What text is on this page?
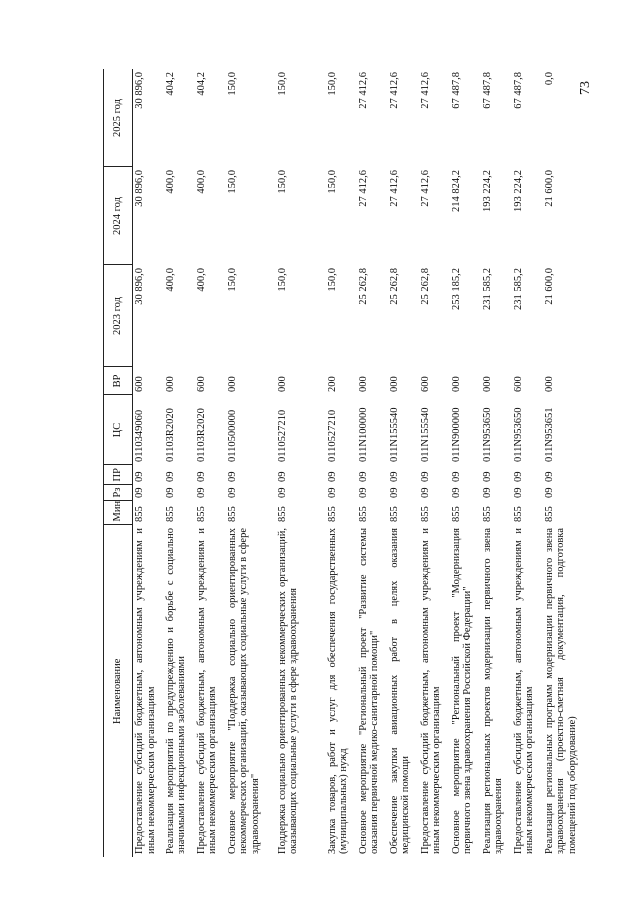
73
Наименование	Мин	Рз	ПР	ЦС	ВР	2023 год	2024 год	2025 год
Предоставление субсидий бюджетным, автономным учреждениям и иным некоммерческим организациям	855	09	09	0110349060	600	30 896,0	30 896,0	30 896,0
Реализация мероприятий по предупреждению и борьбе с социально значимыми инфекционными заболеваниями	855	09	09	01103R2020	000	400,0	400,0	404,2
Предоставление субсидий бюджетным, автономным учреждениям и иным некоммерческим организациям	855	09	09	01103R2020	600	400,0	400,0	404,2
Основное мероприятие "Поддержка социально ориентированных некоммерческих организаций, оказывающих социальные услуги в сфере здравоохранения"	855	09	09	0110500000	000	150,0	150,0	150,0
Поддержка социально ориентированных некоммерческих организаций, оказывающих социальные услуги в сфере здравоохранения	855	09	09	0110527210	000	150,0	150,0	150,0
Закупка товаров, работ и услуг для обеспечения государственных (муниципальных) нужд	855	09	09	0110527210	200	150,0	150,0	150,0
Основное мероприятие "Региональный проект "Развитие системы оказания первичной медико-санитарной помощи"	855	09	09	011N100000	000	25 262,8	27 412,6	27 412,6
Обеспечение закупки авиационных работ в целях оказания медицинской помощи	855	09	09	011N155540	000	25 262,8	27 412,6	27 412,6
Предоставление субсидий бюджетным, автономным учреждениям и иным некоммерческим организациям	855	09	09	011N155540	600	25 262,8	27 412,6	27 412,6
Основное мероприятие "Региональный проект "Модернизация первичного звена здравоохранения Российской Федерации"	855	09	09	011N900000	000	253 185,2	214 824,2	67 487,8
Реализация региональных проектов модернизации первичного звена здравоохранения	855	09	09	011N953650	000	231 585,2	193 224,2	67 487,8
Предоставление субсидий бюджетным, автономным учреждениям и иным некоммерческим организациям	855	09	09	011N953650	600	231 585,2	193 224,2	67 487,8
Реализация региональных программ модернизации первичного звена здравоохранения (проектно-сметная документация, подготовка помещений под оборудование)	855	09	09	011N953651	000	21 600,0	21 600,0	0,0
